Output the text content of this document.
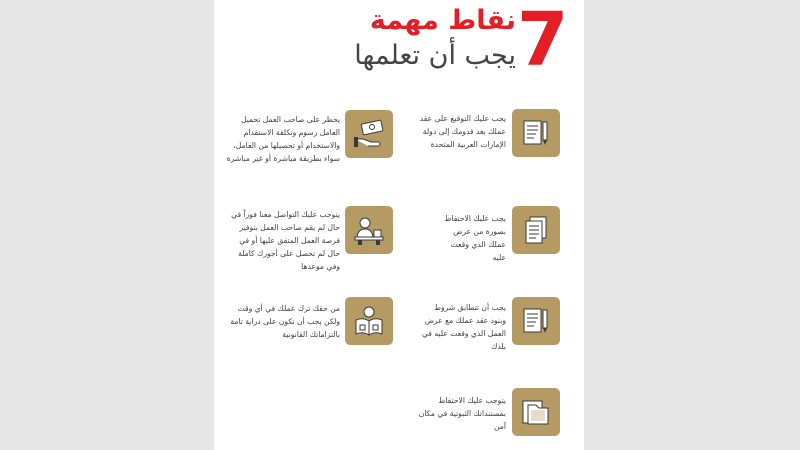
7
نقاط مهمة
يجب أن تعلمها
يجب عليك التوقيع على عقد عملك بعد قدومك إلى دولة الإمارات العربية المتحدة
يحظر على صاحب العمل تحميل العامل رسوم وتكلفة الاستقدام والاستخدام أو تحصيلها من العامل، سواء بطريقة مباشرة أو غير مباشرة
يجب عليك الاحتفاظ بصورة من عرض عملك الذي وقعت عليه
يتوجب عليك التواصل معنا فوراً في حال لم يقم صاحب العمل بتوفير فرصة العمل المتفق عليها أو في حال لم تحصل على أجورك كاملة وفي موعدها
يجب أن تتطابق شروط وبنود عقد عملك مع عرض العمل الذي وقعت عليه في بلدك
من حقك ترك عملك في أي وقت ولكن يجب أن تكون على دراية تامة بالتزاماتك القانونية
يتوجب عليك الاحتفاظ بمستنداتك الثبوتية في مكان آمن
